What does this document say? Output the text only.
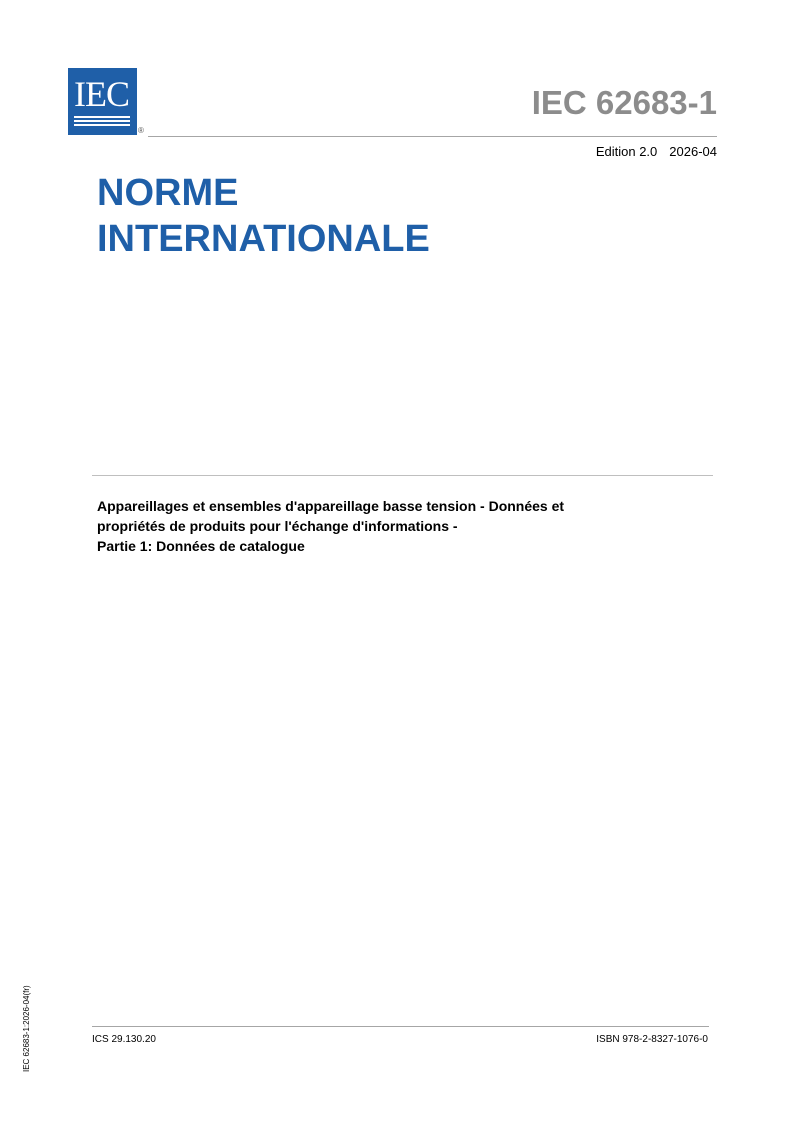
IEC
®
IEC 62683-1
Edition 2.0 2026-04
NORME
INTERNATIONALE
Appareillages et ensembles d'appareillage basse tension - Données et
propriétés de produits pour l'échange d'informations -
Partie 1: Données de catalogue
ICS 29.130.20	ISBN 978-2-8327-1076-0
IEC 62683-1:2026-04(fr)
